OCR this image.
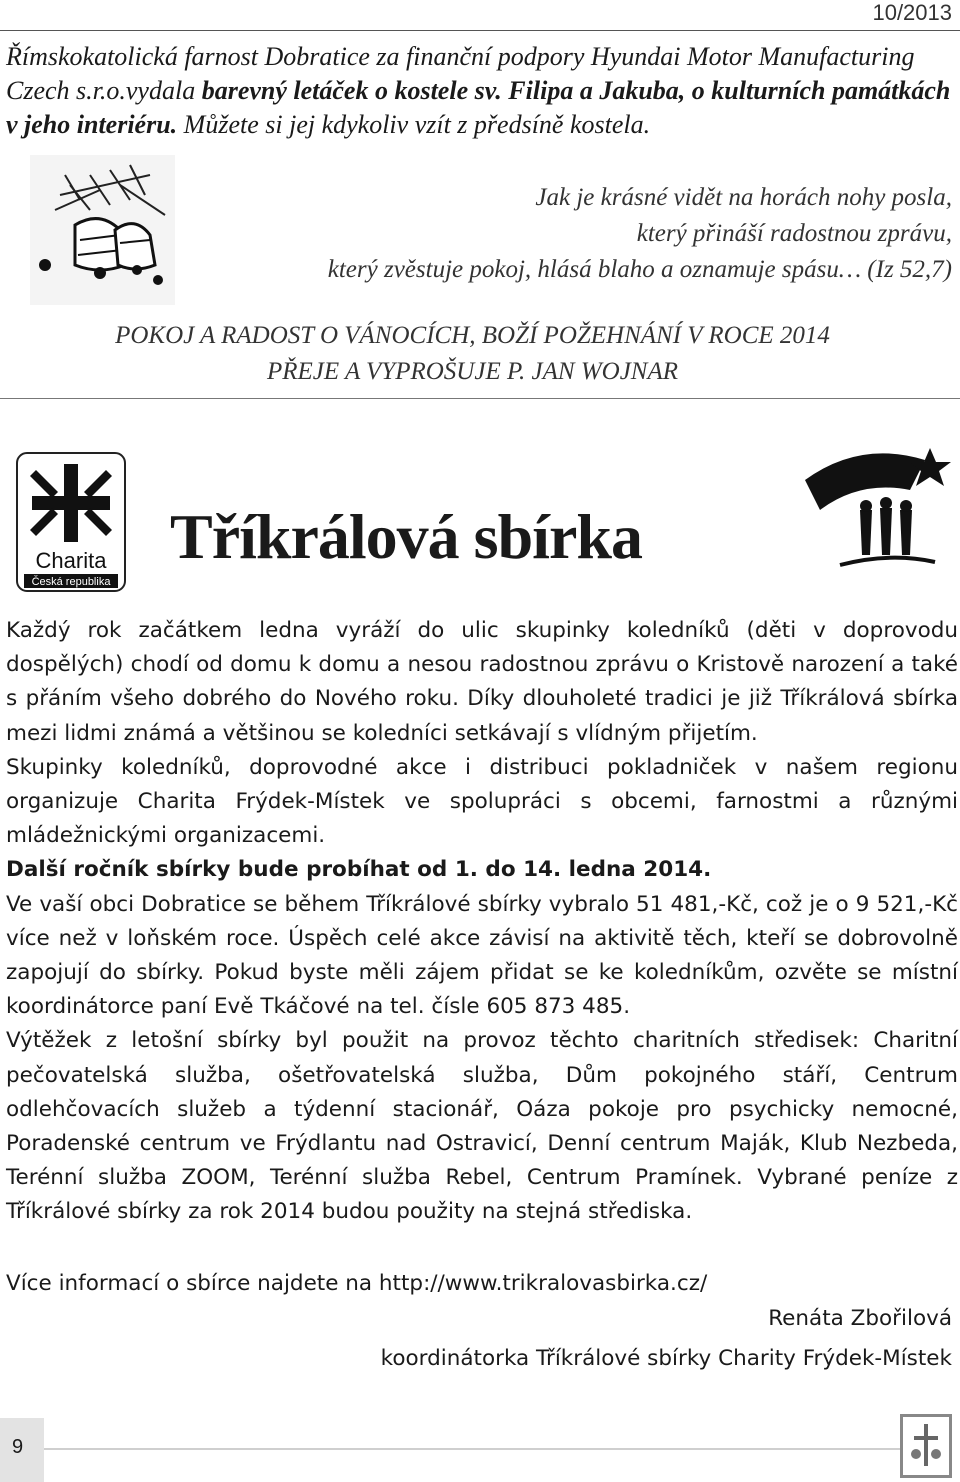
10/2013
Římskokatolická farnost Dobratice za finanční podpory Hyundai Motor Manufacturing Czech s.r.o.vydala barevný letáček o kostele sv. Filipa a Jakuba, o kulturních památkách v jeho interiéru. Můžete si jej kdykoliv vzít z předsíně kostela.
Jak je krásné vidět na horách nohy posla,
který přináší radostnou zprávu,
který zvěstuje pokoj, hlásá blaho a oznamuje spásu… (Iz 52,7)
POKOJ A RADOST O VÁNOCÍCH, BOŽÍ POŽEHNÁNÍ V ROCE 2014
PŘEJE A VYPROŠUJE P. JAN WOJNAR
Charita
Česká republika
Tříkrálová sbírka

Každý rok začátkem ledna vyráží do ulic skupinky koledníků (děti v doprovodu dospělých) chodí od domu k domu a nesou radostnou zprávu o Kristově narození a také s přáním všeho dobrého do Nového roku. Díky dlouholeté tradici je již Tříkrálová sbírka mezi lidmi známá a většinou se koledníci setkávají s vlídným přijetím.

Skupinky koledníků, doprovodné akce i distribuci pokladniček v našem regionu organizuje Charita Frýdek-Místek ve spolupráci s obcemi, farnostmi a různými mládežnickými organizacemi.

Další ročník sbírky bude probíhat od 1. do 14. ledna 2014.

Ve vaší obci Dobratice se během Tříkrálové sbírky vybralo 51 481,-Kč, což je o 9 521,-Kč více než v loňském roce. Úspěch celé akce závisí na aktivitě těch, kteří se dobrovolně zapojují do sbírky. Pokud byste měli zájem přidat se ke koledníkům, ozvěte se místní koordinátorce paní Evě Tkáčové na tel. čísle 605 873 485.

Výtěžek z letošní sbírky byl použit na provoz těchto charitních středisek: Charitní pečovatelská služba, ošetřovatelská služba, Dům pokojného stáří, Centrum odlehčovacích služeb a týdenní stacionář, Oáza pokoje pro psychicky nemocné, Poradenské centrum ve Frýdlantu nad Ostravicí, Denní centrum Maják, Klub Nezbeda, Terénní služba ZOOM, Terénní služba Rebel, Centrum Pramínek. Vybrané peníze z Tříkrálové sbírky za rok 2014 budou použity na stejná střediska.

Více informací o sbírce najdete na http://www.trikralovasbirka.cz/
Renáta Zbořilová
koordinátorka Tříkrálové sbírky Charity Frýdek-Místek
9
